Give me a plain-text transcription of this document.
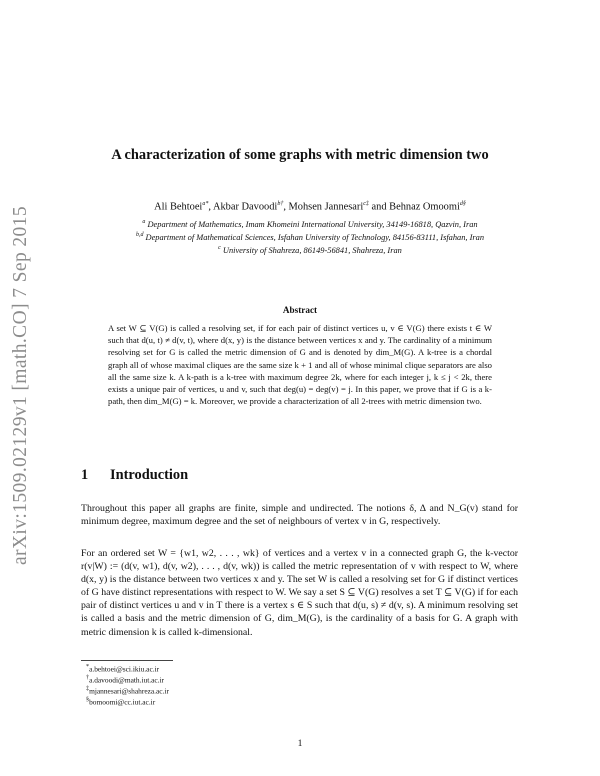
arXiv:1509.02129v1 [math.CO] 7 Sep 2015
A characterization of some graphs with metric dimension two
Ali Behtoei$^{a*}$, Akbar Davoodi$^{b\dagger}$, Mohsen Jannesari$^{c\ddagger}$ and Behnaz Omoomi$^{d\S}$
$^a$ Department of Mathematics, Imam Khomeini International University, 34149-16818, Qazvin, Iran
$^{b,d}$ Department of Mathematical Sciences, Isfahan University of Technology, 84156-83111, Isfahan, Iran
$^c$ University of Shahreza, 86149-56841, Shahreza, Iran
Abstract
A set W ⊆ V(G) is called a resolving set, if for each pair of distinct vertices u, v ∈ V(G) there exists t ∈ W such that d(u, t) ≠ d(v, t), where d(x, y) is the distance between vertices x and y. The cardinality of a minimum resolving set for G is called the metric dimension of G and is denoted by dim_M(G). A k-tree is a chordal graph all of whose maximal cliques are the same size k + 1 and all of whose minimal clique separators are also all the same size k. A k-path is a k-tree with maximum degree 2k, where for each integer j, k ≤ j < 2k, there exists a unique pair of vertices, u and v, such that deg(u) = deg(v) = j. In this paper, we prove that if G is a k-path, then dim_M(G) = k. Moreover, we provide a characterization of all 2-trees with metric dimension two.
1 Introduction
Throughout this paper all graphs are finite, simple and undirected. The notions δ, Δ and N_G(v) stand for minimum degree, maximum degree and the set of neighbours of vertex v in G, respectively.
For an ordered set W = {w1, w2, . . . , wk} of vertices and a vertex v in a connected graph G, the k-vector r(v|W) := (d(v, w1), d(v, w2), . . . , d(v, wk)) is called the metric representation of v with respect to W, where d(x, y) is the distance between two vertices x and y. The set W is called a resolving set for G if distinct vertices of G have distinct representations with respect to W. We say a set S ⊆ V(G) resolves a set T ⊆ V(G) if for each pair of distinct vertices u and v in T there is a vertex s ∈ S such that d(u, s) ≠ d(v, s). A minimum resolving set is called a basis and the metric dimension of G, dim_M(G), is the cardinality of a basis for G. A graph with metric dimension k is called k-dimensional.
*a.behtoei@sci.ikiu.ac.ir
†a.davoodi@math.iut.ac.ir
‡mjannesari@shahreza.ac.ir
§bomoomi@cc.iut.ac.ir
1
